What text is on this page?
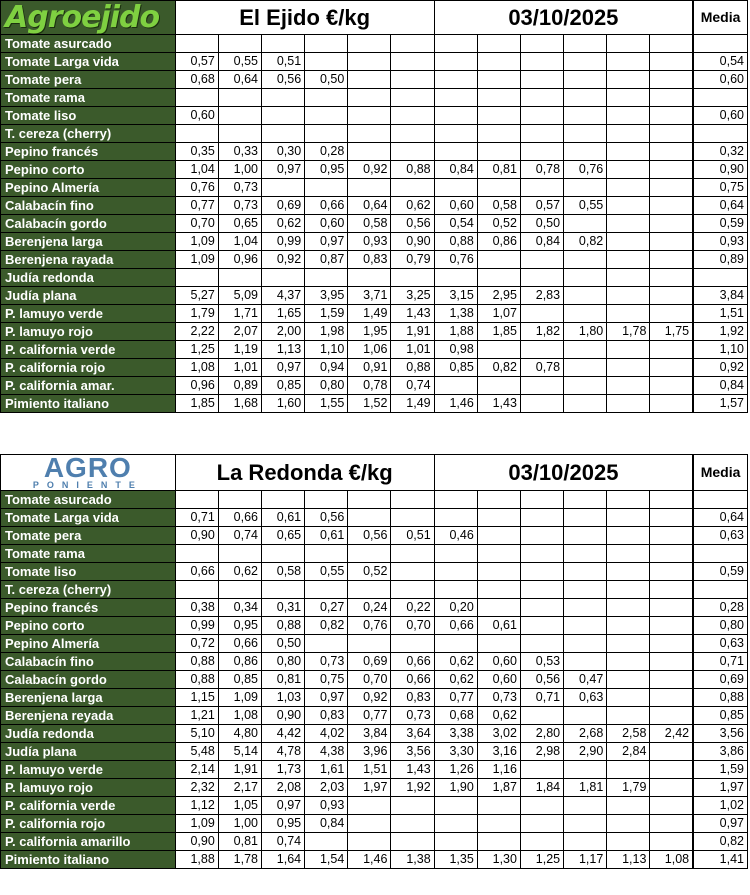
Agroejido	El Ejido €/kg						03/10/2025						Media
Tomate asurcado													
Tomate Larga vida	0,57	0,55	0,51										0,54
Tomate pera	0,68	0,64	0,56	0,50									0,60
Tomate rama													
Tomate liso	0,60												0,60
T. cereza (cherry)													
Pepino francés	0,35	0,33	0,30	0,28									0,32
Pepino corto	1,04	1,00	0,97	0,95	0,92	0,88	0,84	0,81	0,78	0,76			0,90
Pepino Almería	0,76	0,73											0,75
Calabacín fino	0,77	0,73	0,69	0,66	0,64	0,62	0,60	0,58	0,57	0,55			0,64
Calabacín gordo	0,70	0,65	0,62	0,60	0,58	0,56	0,54	0,52	0,50				0,59
Berenjena larga	1,09	1,04	0,99	0,97	0,93	0,90	0,88	0,86	0,84	0,82			0,93
Berenjena rayada	1,09	0,96	0,92	0,87	0,83	0,79	0,76						0,89
Judía redonda													
Judía plana	5,27	5,09	4,37	3,95	3,71	3,25	3,15	2,95	2,83				3,84
P. lamuyo verde	1,79	1,71	1,65	1,59	1,49	1,43	1,38	1,07					1,51
P. lamuyo rojo	2,22	2,07	2,00	1,98	1,95	1,91	1,88	1,85	1,82	1,80	1,78	1,75	1,92
P. california verde	1,25	1,19	1,13	1,10	1,06	1,01	0,98						1,10
P. california rojo	1,08	1,01	0,97	0,94	0,91	0,88	0,85	0,82	0,78				0,92
P. california amar.	0,96	0,89	0,85	0,80	0,78	0,74							0,84
Pimiento italiano	1,85	1,68	1,60	1,55	1,52	1,49	1,46	1,43					1,57
AGRO
PONIENTE	La Redonda €/kg						03/10/2025						Media
Tomate asurcado													
Tomate Larga vida	0,71	0,66	0,61	0,56									0,64
Tomate pera	0,90	0,74	0,65	0,61	0,56	0,51	0,46						0,63
Tomate rama													
Tomate liso	0,66	0,62	0,58	0,55	0,52								0,59
T. cereza (cherry)													
Pepino francés	0,38	0,34	0,31	0,27	0,24	0,22	0,20						0,28
Pepino corto	0,99	0,95	0,88	0,82	0,76	0,70	0,66	0,61					0,80
Pepino Almería	0,72	0,66	0,50										0,63
Calabacín fino	0,88	0,86	0,80	0,73	0,69	0,66	0,62	0,60	0,53				0,71
Calabacín gordo	0,88	0,85	0,81	0,75	0,70	0,66	0,62	0,60	0,56	0,47			0,69
Berenjena larga	1,15	1,09	1,03	0,97	0,92	0,83	0,77	0,73	0,71	0,63			0,88
Berenjena reyada	1,21	1,08	0,90	0,83	0,77	0,73	0,68	0,62					0,85
Judía redonda	5,10	4,80	4,42	4,02	3,84	3,64	3,38	3,02	2,80	2,68	2,58	2,42	3,56
Judía plana	5,48	5,14	4,78	4,38	3,96	3,56	3,30	3,16	2,98	2,90	2,84		3,86
P. lamuyo verde	2,14	1,91	1,73	1,61	1,51	1,43	1,26	1,16					1,59
P. lamuyo rojo	2,32	2,17	2,08	2,03	1,97	1,92	1,90	1,87	1,84	1,81	1,79		1,97
P. california verde	1,12	1,05	0,97	0,93									1,02
P. california rojo	1,09	1,00	0,95	0,84									0,97
P. california amarillo	0,90	0,81	0,74										0,82
Pimiento italiano	1,88	1,78	1,64	1,54	1,46	1,38	1,35	1,30	1,25	1,17	1,13	1,08	1,41
